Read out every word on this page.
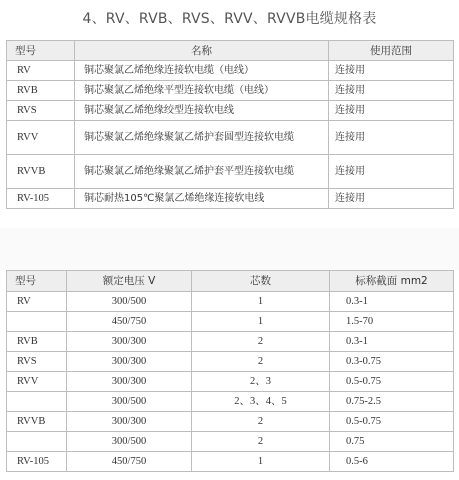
4、RV、RVB、RVS、RVV、RVVB电缆规格表
型号	名称	使用范围
RV	铜芯聚氯乙烯绝缘连接软电缆（电线）	连接用
RVB	铜芯聚氯乙烯绝缘平型连接软电缆（电线）	连接用
RVS	铜芯聚氯乙烯绝缘绞型连接软电线	连接用
RVV	铜芯聚氯乙烯绝缘聚氯乙烯护套圆型连接软电缆	连接用
RVVB	铜芯聚氯乙烯绝缘聚氯乙烯护套平型连接软电缆	连接用
RV-105	铜芯耐热105℃聚氯乙烯绝缘连接软电线	连接用
型号	额定电压 V	芯数	标称截面 mm2
RV	300/500	1	0.3-1
	450/750	1	1.5-70
RVB	300/300	2	0.3-1
RVS	300/300	2	0.3-0.75
RVV	300/300	2、3	0.5-0.75
	300/500	2、3、4、5	0.75-2.5
RVVB	300/300	2	0.5-0.75
	300/500	2	0.75
RV-105	450/750	1	0.5-6
